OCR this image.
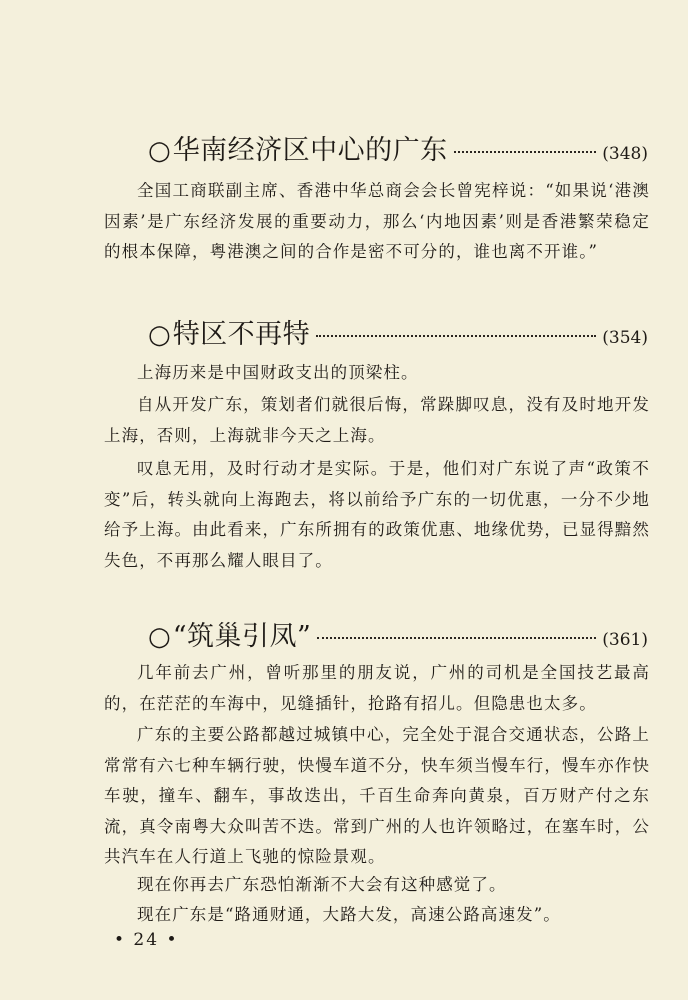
○ 华南经济区中心的广东	(348)

全国工商联副主席、香港中华总商会会长曾宪梓说：“如果说‘港澳因素’是广东经济发展的重要动力，那么‘内地因素’则是香港繁荣稳定的根本保障，粤港澳之间的合作是密不可分的，谁也离不开谁。”

○ 特区不再特	(354)

上海历来是中国财政支出的顶梁柱。

自从开发广东，策划者们就很后悔，常跺脚叹息，没有及时地开发上海，否则，上海就非今天之上海。

叹息无用，及时行动才是实际。于是，他们对广东说了声“政策不变”后，转头就向上海跑去，将以前给予广东的一切优惠，一分不少地给予上海。由此看来，广东所拥有的政策优惠、地缘优势，已显得黯然失色，不再那么耀人眼目了。

○ “筑巢引凤”	(361)

几年前去广州，曾听那里的朋友说，广州的司机是全国技艺最高的，在茫茫的车海中，见缝插针，抢路有招儿。但隐患也太多。

广东的主要公路都越过城镇中心，完全处于混合交通状态，公路上常常有六七种车辆行驶，快慢车道不分，快车须当慢车行，慢车亦作快车驶，撞车、翻车，事故迭出，千百生命奔向黄泉，百万财产付之东流，真令南粤大众叫苦不迭。常到广州的人也许领略过，在塞车时，公共汽车在人行道上飞驰的惊险景观。

现在你再去广东恐怕渐渐不大会有这种感觉了。

现在广东是“路通财通，大路大发，高速公路高速发”。

• 24 •
